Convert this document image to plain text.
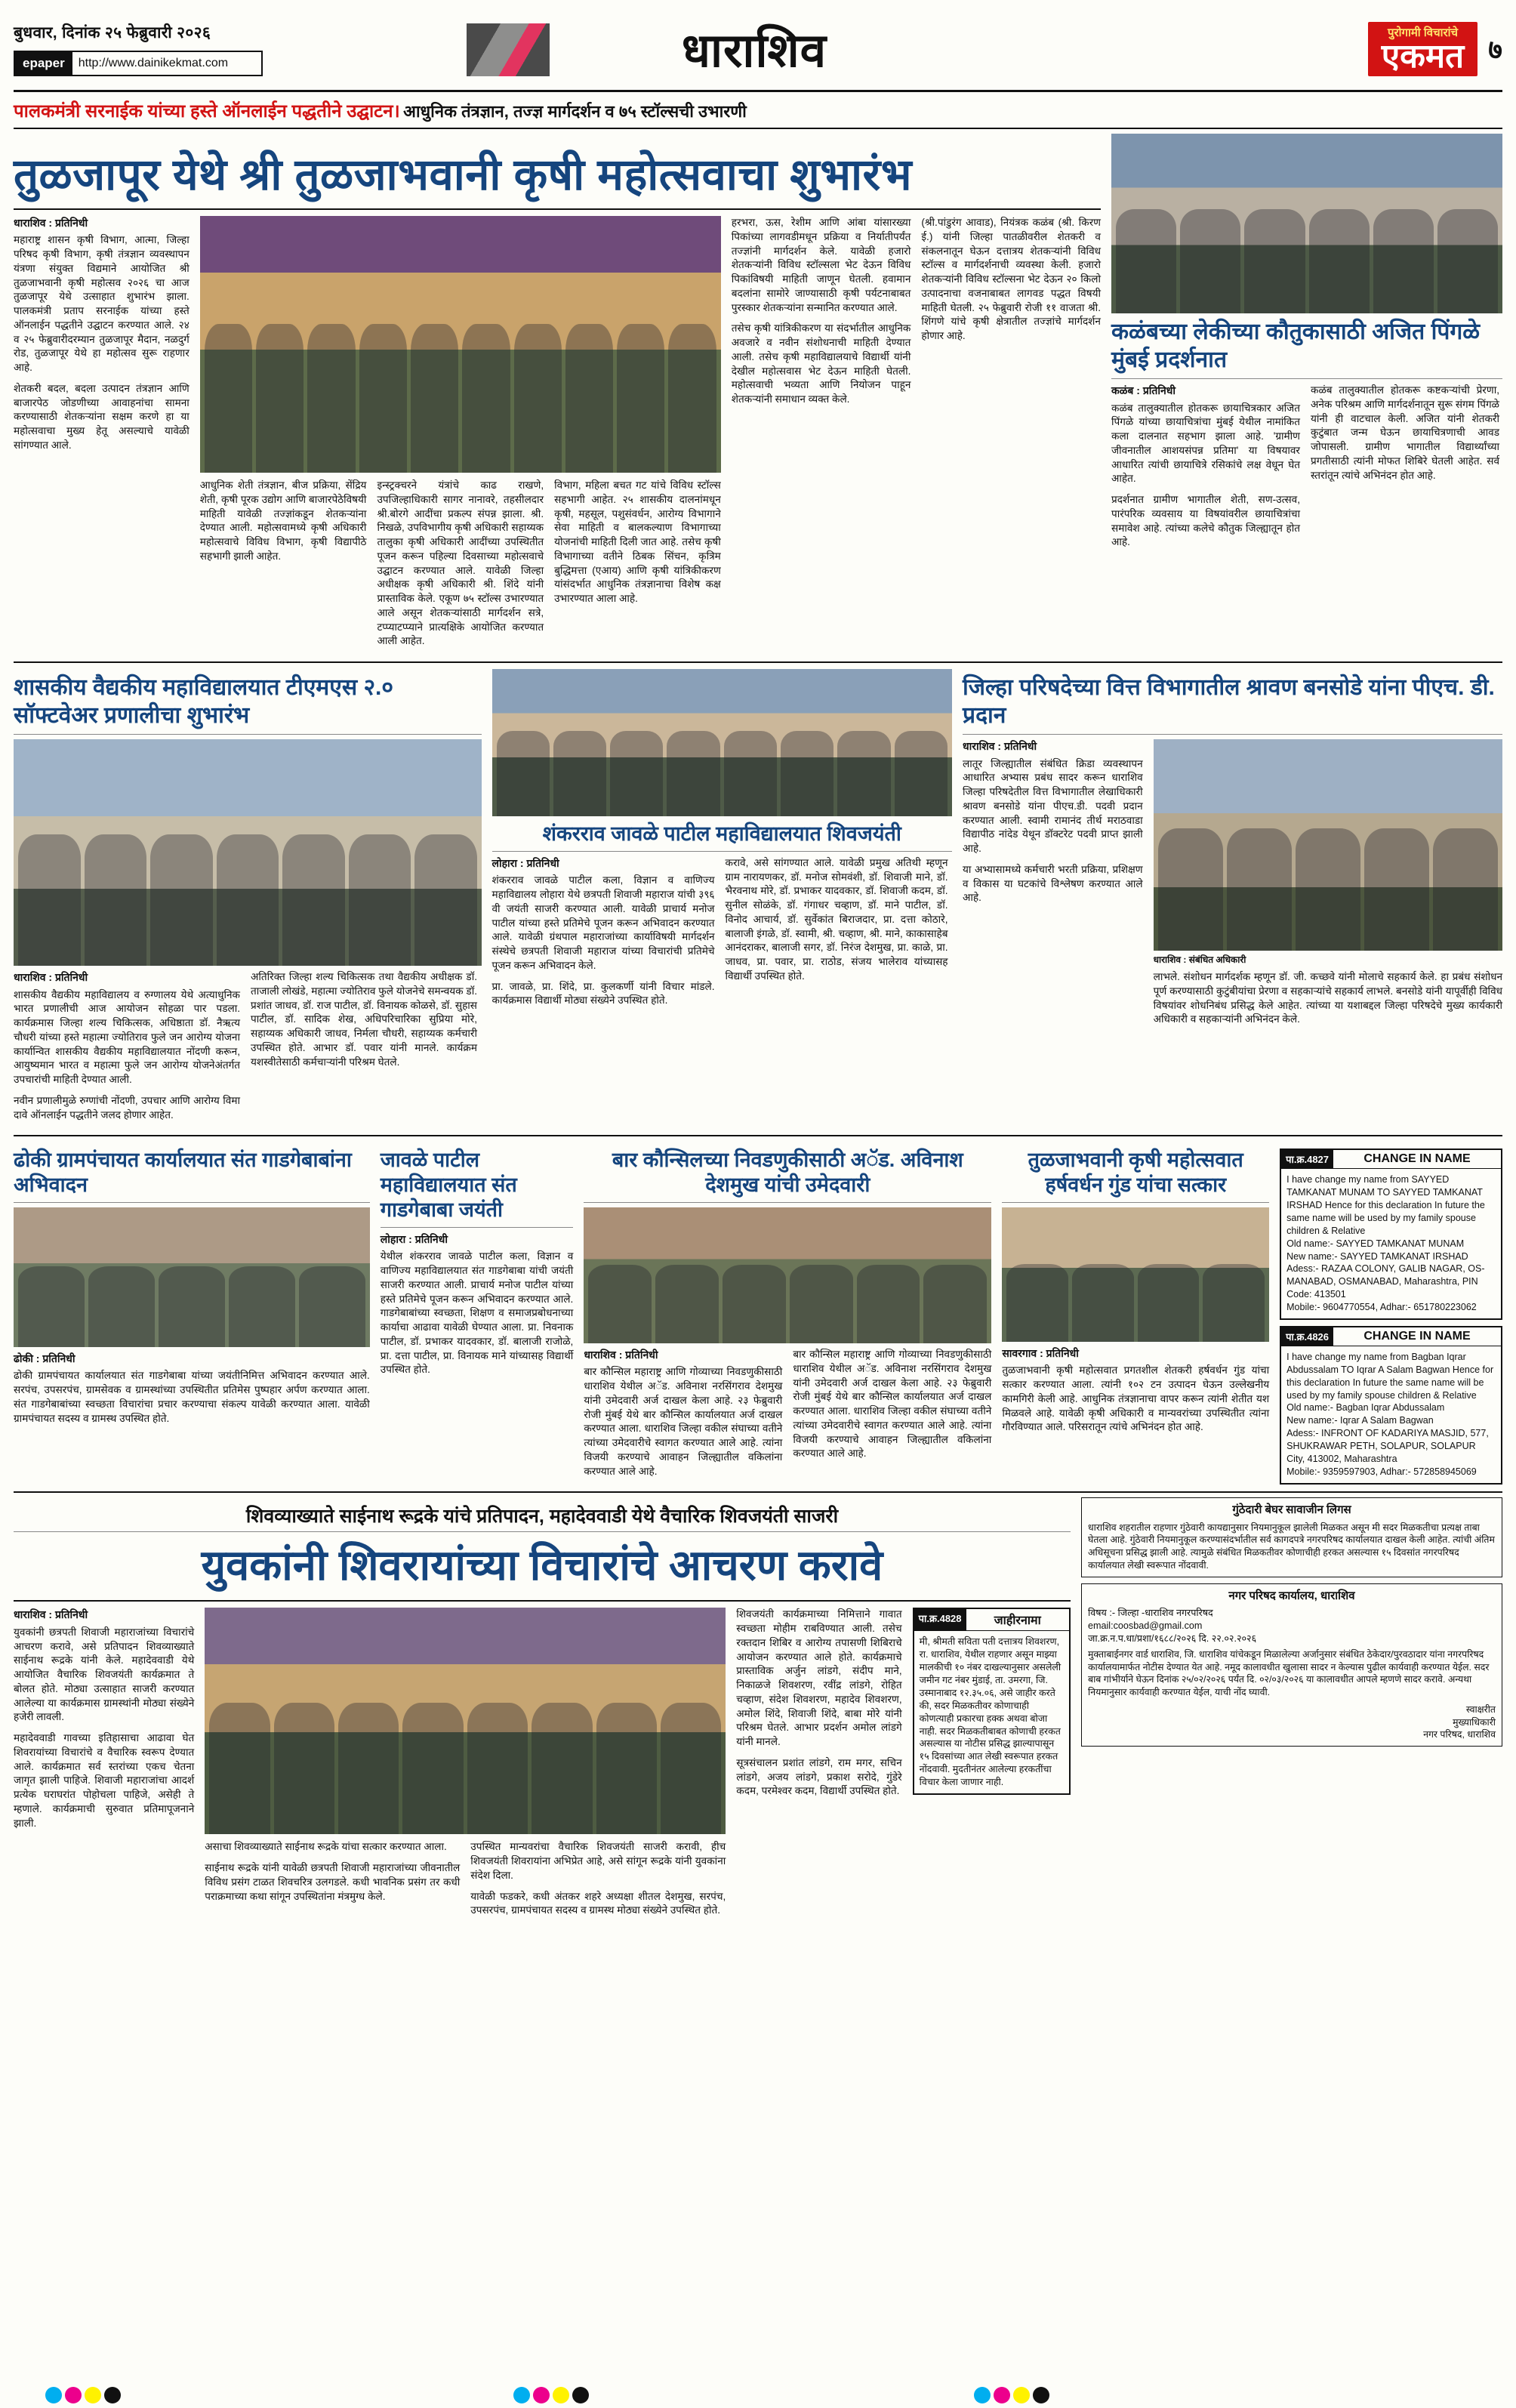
बुधवार, दिनांक २५ फेब्रुवारी २०२६
epaper	http://www.dainikekmat.com	धाराशिव	पुरोगामी विचारांचे
एकमत ७
पालकमंत्री सरनाईक यांच्या हस्ते ऑनलाईन पद्धतीने उद्घाटन। आधुनिक तंत्रज्ञान, तज्ज्ञ मार्गदर्शन व ७५ स्टॉल्सची उभारणी
तुळजापूर येथे श्री तुळजाभवानी कृषी महोत्सवाचा शुभारंभ
धाराशिव : प्रतिनिधी

महाराष्ट्र शासन कृषी विभाग, आत्मा, जिल्हा परिषद कृषी विभाग, कृषी तंत्रज्ञान व्यवस्थापन यंत्रणा संयुक्त विद्यमाने आयोजित श्री तुळजाभवानी कृषी महोत्सव २०२६ चा आज तुळजापूर येथे उत्साहात शुभारंभ झाला. पालकमंत्री प्रताप सरनाईक यांच्या हस्ते ऑनलाईन पद्धतीने उद्घाटन करण्यात आले. २४ व २५ फेब्रुवारीदरम्यान तुळजापूर मैदान, नळदुर्ग रोड, तुळजापूर येथे हा महोत्सव सुरू राहणार आहे.

शेतकरी बदल, बदला उत्पादन तंत्रज्ञान आणि बाजारपेठ जोडणीच्या आवाहनांचा सामना करण्यासाठी शेतकऱ्यांना सक्षम करणे हा या महोत्सवाचा मुख्य हेतू असल्याचे यावेळी सांगण्यात आले.

आधुनिक शेती तंत्रज्ञान, बीज प्रक्रिया, सेंद्रिय शेती, कृषी पूरक उद्योग आणि बाजारपेठेविषयी माहिती यावेळी तज्ज्ञांकडून शेतकऱ्यांना देण्यात आली. महोत्सवामध्ये कृषी अधिकारी महोत्सवाचे विविध विभाग, कृषी विद्यापीठे सहभागी झाली आहेत.

इन्स्ट्रक्चरने यंत्रांचे काढ राखणे, उपजिल्हाधिकारी सागर नानावरे, तहसीलदार श्री.बोरगे आदींचा प्रकल्प संपन्न झाला. श्री. निखळे, उपविभागीय कृषी अधिकारी सहाय्यक तालुका कृषी अधिकारी आदींच्या उपस्थितीत पूजन करून पहिल्या दिवसाच्या महोत्सवाचे उद्घाटन करण्यात आले. यावेळी जिल्हा अधीक्षक कृषी अधिकारी श्री. शिंदे यांनी प्रास्ताविक केले. एकूण ७५ स्टॉल्स उभारण्यात आले असून शेतकऱ्यांसाठी मार्गदर्शन सत्रे, टप्प्याटप्प्याने प्रात्यक्षिके आयोजित करण्यात आली आहेत.

विभाग, महिला बचत गट यांचे विविध स्टॉल्स सहभागी आहेत. २५ शासकीय दालनांमधून कृषी, महसूल, पशुसंवर्धन, आरोग्य विभागाने सेवा माहिती व बालकल्याण विभागाच्या योजनांची माहिती दिली जात आहे. तसेच कृषी विभागाच्या वतीने ठिबक सिंचन, कृत्रिम बुद्धिमत्ता (एआय) आणि कृषी यांत्रिकीकरण यांसंदर्भात आधुनिक तंत्रज्ञानाचा विशेष कक्ष उभारण्यात आला आहे.

हरभरा, ऊस, रेशीम आणि आंबा यांसारख्या पिकांच्या लागवडीमधून प्रक्रिया व निर्यातीपर्यंत तज्ज्ञांनी मार्गदर्शन केले. यावेळी हजारो शेतकऱ्यांनी विविध स्टॉल्सला भेट देऊन विविध पिकांविषयी माहिती जाणून घेतली. हवामान बदलांना सामोरे जाण्यासाठी कृषी पर्यटनाबाबत पुरस्कार शेतकऱ्यांना सन्मानित करण्यात आले.

तसेच कृषी यांत्रिकीकरण या संदर्भातील आधुनिक अवजारे व नवीन संशोधनाची माहिती देण्यात आली. तसेच कृषी महाविद्यालयाचे विद्यार्थी यांनी देखील महोत्सवास भेट देऊन माहिती घेतली. महोत्सवाची भव्यता आणि नियोजन पाहून शेतकऱ्यांनी समाधान व्यक्त केले.

(श्री.पांडुरंग आवाड), नियंत्रक कळंब (श्री. किरण ई.) यांनी जिल्हा पातळीवरील शेतकरी व संकलनातून घेऊन दत्तात्रय शेतकऱ्यांनी विविध स्टॉल्स व मार्गदर्शनाची व्यवस्था केली. हजारो शेतकऱ्यांनी विविध स्टॉल्सना भेट देऊन २० किलो उत्पादनाचा वजनाबाबत लागवड पद्धत विषयी माहिती घेतली. २५ फेब्रुवारी रोजी ११ वाजता श्री. शिंगणे यांचे कृषी क्षेत्रातील तज्ज्ञांचे मार्गदर्शन होणार आहे.	कळंबच्या लेकीच्या कौतुकासाठी अजित पिंगळे मुंबई प्रदर्शनात
कळंब : प्रतिनिधी

कळंब तालुक्यातील होतकरू छायाचित्रकार अजित पिंगळे यांच्या छायाचित्रांचा मुंबई येथील नामांकित कला दालनात सहभाग झाला आहे. 'ग्रामीण जीवनातील आशयसंपन्न प्रतिमा' या विषयावर आधारित त्यांची छायाचित्रे रसिकांचे लक्ष वेधून घेत आहेत.

प्रदर्शनात ग्रामीण भागातील शेती, सण-उत्सव, पारंपरिक व्यवसाय या विषयांवरील छायाचित्रांचा समावेश आहे. त्यांच्या कलेचे कौतुक जिल्ह्यातून होत आहे.

कळंब तालुक्यातील होतकरू कष्टकऱ्यांची प्रेरणा, अनेक परिश्रम आणि मार्गदर्शनातून सुरू संगम पिंगळे यांनी ही वाटचाल केली. अजित यांनी शेतकरी कुटुंबात जन्म घेऊन छायाचित्रणाची आवड जोपासली. ग्रामीण भागातील विद्यार्थ्यांच्या प्रगतीसाठी त्यांनी मोफत शिबिरे घेतली आहेत. सर्व स्तरांतून त्यांचे अभिनंदन होत आहे.

शासकीय वैद्यकीय महाविद्यालयात टीएमएस २.० सॉफ्टवेअर प्रणालीचा शुभारंभ
धाराशिव : प्रतिनिधी

शासकीय वैद्यकीय महाविद्यालय व रुग्णालय येथे अत्याधुनिक भारत प्रणालीची आज आयोजन सोहळा पार पडला. कार्यक्रमास जिल्हा शल्य चिकित्सक, अधिष्ठाता डॉ. नैऋत्य चौधरी यांच्या हस्ते महात्मा ज्योतिराव फुले जन आरोग्य योजना कार्यान्वित शासकीय वैद्यकीय महाविद्यालयात नोंदणी करून, आयुष्यमान भारत व महात्मा फुले जन आरोग्य योजनेअंतर्गत उपचारांची माहिती देण्यात आली.

नवीन प्रणालीमुळे रुग्णांची नोंदणी, उपचार आणि आरोग्य विमा दावे ऑनलाईन पद्धतीने जलद होणार आहेत.

अतिरिक्त जिल्हा शल्य चिकित्सक तथा वैद्यकीय अधीक्षक डॉ. ताजाली लोखंडे, महात्मा ज्योतिराव फुले योजनेचे समन्वयक डॉ. प्रशांत जाधव, डॉ. राज पाटील, डॉ. विनायक कोळसे, डॉ. सुहास पाटील, डॉ. सादिक शेख, अधिपरिचारिका सुप्रिया मोरे, सहाय्यक अधिकारी जाधव, निर्मला चौधरी, सहाय्यक कर्मचारी उपस्थित होते. आभार डॉ. पवार यांनी मानले. कार्यक्रम यशस्वीतेसाठी कर्मचाऱ्यांनी परिश्रम घेतले.

शंकरराव जावळे पाटील महाविद्यालयात शिवजयंती
लोहारा : प्रतिनिधी

शंकरराव जावळे पाटील कला, विज्ञान व वाणिज्य महाविद्यालय लोहारा येथे छत्रपती शिवाजी महाराज यांची ३९६ वी जयंती साजरी करण्यात आली. यावेळी प्राचार्य मनोज पाटील यांच्या हस्ते प्रतिमेचे पूजन करून अभिवादन करण्यात आले. यावेळी ग्रंथपाल महाराजांच्या कार्याविषयी मार्गदर्शन संस्थेचे छत्रपती शिवाजी महाराज यांच्या विचारांची प्रतिमेचे पूजन करून अभिवादन केले.

प्रा. जावळे, प्रा. शिंदे, प्रा. कुलकर्णी यांनी विचार मांडले. कार्यक्रमास विद्यार्थी मोठ्या संख्येने उपस्थित होते.

करावे, असे सांगण्यात आले. यावेळी प्रमुख अतिथी म्हणून ग्राम नारायणकर, डॉ. मनोज सोमवंशी, डॉ. शिवाजी माने, डॉ. भैरवनाथ मोरे, डॉ. प्रभाकर यादवकार, डॉ. शिवाजी कदम, डॉ. सुनील सोळंके, डॉ. गंगाधर चव्हाण, डॉ. माने पाटील, डॉ. विनोद आचार्य, डॉ. सुर्वेकांत बिराजदार, प्रा. दत्ता कोठारे, बालाजी इंगळे, डॉ. स्वामी, श्री. चव्हाण, श्री. माने, काकासाहेब आनंदराकर, बालाजी सगर, डॉ. निरंज देशमुख, प्रा. काळे, प्रा. जाधव, प्रा. पवार, प्रा. राठोड, संजय भालेराव यांच्यासह विद्यार्थी उपस्थित होते.

जिल्हा परिषदेच्या वित्त विभागातील श्रावण बनसोडे यांना पीएच. डी. प्रदान
धाराशिव : प्रतिनिधी

लातूर जिल्ह्यातील संबंधित क्रिडा व्यवस्थापन आधारित अभ्यास प्रबंध सादर करून धाराशिव जिल्हा परिषदेतील वित्त विभागातील लेखाधिकारी श्रावण बनसोडे यांना पीएच.डी. पदवी प्रदान करण्यात आली. स्वामी रामानंद तीर्थ मराठवाडा विद्यापीठ नांदेड येथून डॉक्टरेट पदवी प्राप्त झाली आहे.

या अभ्यासामध्ये कर्मचारी भरती प्रक्रिया, प्रशिक्षण व विकास या घटकांचे विश्लेषण करण्यात आले आहे.

धाराशिव : संबंधित अधिकारी

लाभले. संशोधन मार्गदर्शक म्हणून डॉ. जी. कच्छवे यांनी मोलाचे सहकार्य केले. हा प्रबंध संशोधन पूर्ण करण्यासाठी कुटुंबीयांचा प्रेरणा व सहकाऱ्यांचे सहकार्य लाभले. बनसोडे यांनी यापूर्वीही विविध विषयांवर शोधनिबंध प्रसिद्ध केले आहेत. त्यांच्या या यशाबद्दल जिल्हा परिषदेचे मुख्य कार्यकारी अधिकारी व सहकाऱ्यांनी अभिनंदन केले.

ढोकी ग्रामपंचायत कार्यालयात संत गाडगेबाबांना अभिवादन
ढोकी : प्रतिनिधी

ढोकी ग्रामपंचायत कार्यालयात संत गाडगेबाबा यांच्या जयंतीनिमित्त अभिवादन करण्यात आले. सरपंच, उपसरपंच, ग्रामसेवक व ग्रामस्थांच्या उपस्थितीत प्रतिमेस पुष्पहार अर्पण करण्यात आला. संत गाडगेबाबांच्या स्वच्छता विचारांचा प्रचार करण्याचा संकल्प यावेळी करण्यात आला. यावेळी ग्रामपंचायत सदस्य व ग्रामस्थ उपस्थित होते.

जावळे पाटील महाविद्यालयात संत गाडगेबाबा जयंती
लोहारा : प्रतिनिधी

येथील शंकरराव जावळे पाटील कला, विज्ञान व वाणिज्य महाविद्यालयात संत गाडगेबाबा यांची जयंती साजरी करण्यात आली. प्राचार्य मनोज पाटील यांच्या हस्ते प्रतिमेचे पूजन करून अभिवादन करण्यात आले. गाडगेबाबांच्या स्वच्छता, शिक्षण व समाजप्रबोधनाच्या कार्याचा आढावा यावेळी घेण्यात आला. प्रा. निवनाक पाटील, डॉ. प्रभाकर यादवकार, डॉ. बालाजी राजोळे, प्रा. दत्ता पाटील, प्रा. विनायक माने यांच्यासह विद्यार्थी उपस्थित होते.

बार कौन्सिलच्या निवडणुकीसाठी अॅड. अविनाश देशमुख यांची उमेदवारी
धाराशिव : प्रतिनिधी

बार कौन्सिल महाराष्ट्र आणि गोव्याच्या निवडणुकीसाठी धाराशिव येथील अॅड. अविनाश नरसिंगराव देशमुख यांनी उमेदवारी अर्ज दाखल केला आहे. २३ फेब्रुवारी रोजी मुंबई येथे बार कौन्सिल कार्यालयात अर्ज दाखल करण्यात आला. धाराशिव जिल्हा वकील संघाच्या वतीने त्यांच्या उमेदवारीचे स्वागत करण्यात आले आहे. त्यांना विजयी करण्याचे आवाहन जिल्ह्यातील वकिलांना करण्यात आले आहे.

बार कौन्सिल महाराष्ट्र आणि गोव्याच्या निवडणुकीसाठी धाराशिव येथील अॅड. अविनाश नरसिंगराव देशमुख यांनी उमेदवारी अर्ज दाखल केला आहे. २३ फेब्रुवारी रोजी मुंबई येथे बार कौन्सिल कार्यालयात अर्ज दाखल करण्यात आला. धाराशिव जिल्हा वकील संघाच्या वतीने त्यांच्या उमेदवारीचे स्वागत करण्यात आले आहे. त्यांना विजयी करण्याचे आवाहन जिल्ह्यातील वकिलांना करण्यात आले आहे.

तुळजाभवानी कृषी महोत्सवात हर्षवर्धन गुंड यांचा सत्कार
सावरगाव : प्रतिनिधी

तुळजाभवानी कृषी महोत्सवात प्रगतशील शेतकरी हर्षवर्धन गुंड यांचा सत्कार करण्यात आला. त्यांनी १०२ टन उत्पादन घेऊन उल्लेखनीय कामगिरी केली आहे. आधुनिक तंत्रज्ञानाचा वापर करून त्यांनी शेतीत यश मिळवले आहे. यावेळी कृषी अधिकारी व मान्यवरांच्या उपस्थितीत त्यांना गौरविण्यात आले. परिसरातून त्यांचे अभिनंदन होत आहे.

पा.क्र.4827	CHANGE IN NAME
I have change my name from SAYYED TAMKANAT MUNAM TO SAYYED TAMKANAT IRSHAD Hence for this declaration In future the same name will be used by my family spouse children & Relative
Old name:- SAYYED TAMKANAT MUNAM
New name:- SAYYED TAMKANAT IRSHAD
Adess:- RAZAA COLONY, GALIB NAGAR, OS-MANABAD, OSMANABAD, Maharashtra, PIN Code: 413501
Mobile:- 9604770554, Adhar:- 651780223062
पा.क्र.4826	CHANGE IN NAME
I have change my name from Bagban Iqrar Abdussalam TO Iqrar A Salam Bagwan Hence for this declaration In future the same name will be used by my family spouse children & Relative
Old name:- Bagban Iqrar Abdussalam
New name:- Iqrar A Salam Bagwan
Adess:- INFRONT OF KADARIYA MASJID, 577, SHUKRAWAR PETH, SOLAPUR, SOLAPUR City, 413002, Maharashtra
Mobile:- 9359597903, Adhar:- 572858945069
शिवव्याख्याते साईनाथ रूद्रके यांचे प्रतिपादन, महादेववाडी येथे वैचारिक शिवजयंती साजरी
युवकांनी शिवरायांच्या विचारांचे आचरण करावे
धाराशिव : प्रतिनिधी

युवकांनी छत्रपती शिवाजी महाराजांच्या विचारांचे आचरण करावे, असे प्रतिपादन शिवव्याख्याते साईनाथ रूद्रके यांनी केले. महादेववाडी येथे आयोजित वैचारिक शिवजयंती कार्यक्रमात ते बोलत होते. मोठ्या उत्साहात साजरी करण्यात आलेल्या या कार्यक्रमास ग्रामस्थांनी मोठ्या संख्येने हजेरी लावली.

महादेववाडी गावच्या इतिहासाचा आढावा घेत शिवरायांच्या विचारांचे व वैचारिक स्वरूप देण्यात आले. कार्यक्रमात सर्व स्तरांच्या एकच चेतना जागृत झाली पाहिजे. शिवाजी महाराजांचा आदर्श प्रत्येक घराघरांत पोहोचला पाहिजे, असेही ते म्हणाले. कार्यक्रमाची सुरुवात प्रतिमापूजनाने झाली.

असाचा शिवव्याख्याते साईनाथ रूद्रके यांचा सत्कार करण्यात आला.

साईनाथ रूद्रके यांनी यावेळी छत्रपती शिवाजी महाराजांच्या जीवनातील विविध प्रसंग टाळत शिवचरित्र उलगडले. कधी भावनिक प्रसंग तर कधी पराक्रमाच्या कथा सांगून उपस्थितांना मंत्रमुग्ध केले.

उपस्थित मान्यवरांचा वैचारिक शिवजयंती साजरी करावी, हीच शिवजयंती शिवरायांना अभिप्रेत आहे, असे सांगून रूद्रके यांनी युवकांना संदेश दिला.

यावेळी फडकरे, कधी अंतकर शहरे अध्यक्षा शीतल देशमुख, सरपंच, उपसरपंच, ग्रामपंचायत सदस्य व ग्रामस्थ मोठ्या संख्येने उपस्थित होते.

शिवजयंती कार्यक्रमाच्या निमित्ताने गावात स्वच्छता मोहीम राबविण्यात आली. तसेच रक्तदान शिबिर व आरोग्य तपासणी शिबिराचे आयोजन करण्यात आले होते. कार्यक्रमाचे प्रास्ताविक अर्जुन लांडगे, संदीप माने, निकाळजे शिवशरण, रवींद्र लांडगे, रोहित चव्हाण, संदेश शिवशरण, महादेव शिवशरण, अमोल शिंदे, शिवाजी शिंदे, बाबा मोरे यांनी परिश्रम घेतले. आभार प्रदर्शन अमोल लांडगे यांनी मानले.

सूत्रसंचालन प्रशांत लांडगे, राम मगर, सचिन लांडगे, अजय लांडगे, प्रकाश सरोदे, गुंडेरे कदम, परमेश्वर कदम, विद्यार्थी उपस्थित होते.

पा.क्र.4828	जाहीरनामा
मी, श्रीमती सविता पती दत्तात्रय शिवशरण, रा. धाराशिव, येथील राहणार असून माझ्या मालकीची १० नंबर दाखल्यानुसार असलेली जमीन गट नंबर मुंडाई, ता. उमरगा, जि. उस्मानाबाद १२.३५.०६, असे जाहीर करते की, सदर मिळकतीवर कोणाचाही कोणत्याही प्रकारचा हक्क अथवा बोजा नाही. सदर मिळकतीबाबत कोणाची हरकत असल्यास या नोटीस प्रसिद्ध झाल्यापासून १५ दिवसांच्या आत लेखी स्वरूपात हरकत नोंदवावी. मुदतीनंतर आलेल्या हरकतींचा विचार केला जाणार नाही.
गुंठेदारी बेघर सावाजीन लिगस
धाराशिव शहरातील राहणार गुंठेवारी कायद्यानुसार नियमानुकूल झालेली मिळकत असून मी सदर मिळकतीचा प्रत्यक्ष ताबा घेतला आहे. गुंठेवारी नियमानुकूल करण्यासंदर्भातील सर्व कागदपत्रे नगरपरिषद कार्यालयात दाखल केली आहेत. त्यांची अंतिम अधिसूचना प्रसिद्ध झाली आहे. त्यामुळे संबंधित मिळकतीवर कोणाचीही हरकत असल्यास १५ दिवसांत नगरपरिषद कार्यालयात लेखी स्वरूपात नोंदवावी.
नगर परिषद कार्यालय, धाराशिव
विषय :- जिल्हा -धाराशिव नगरपरिषद
email:coosbad@gmail.com
जा.क्र.न.प.धा/प्रशा/१६८८/२०२६ दि. २२.०२.२०२६
मुक्ताबाईनगर वार्ड धाराशिव, जि. धाराशिव यांचेकडून मिळालेल्या अर्जानुसार संबंधित ठेकेदार/पुरवठादार यांना नगरपरिषद कार्यालयामार्फत नोटीस देण्यात येत आहे. नमूद कालावधीत खुलासा सादर न केल्यास पुढील कार्यवाही करण्यात येईल. सदर बाब गांभीर्याने घेऊन दिनांक २५/०२/२०२६ पर्यंत दि. ०२/०३/२०२६ या कालावधीत आपले म्हणणे सादर करावे. अन्यथा नियमानुसार कार्यवाही करण्यात येईल, याची नोंद घ्यावी.
स्वाक्षरीत
मुख्याधिकारी
नगर परिषद, धाराशिव
